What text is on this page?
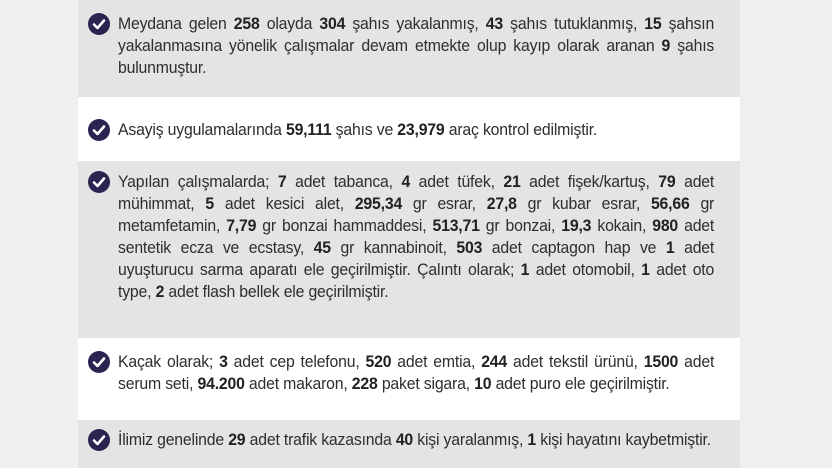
Meydana gelen 258 olayda 304 şahıs yakalanmış, 43 şahıs tutuklanmış, 15 şahsın yakalanmasına yönelik çalışmalar devam etmekte olup kayıp olarak aranan 9 şahıs bulunmuştur.
Asayiş uygulamalarında 59,111 şahıs ve 23,979 araç kontrol edilmiştir.
Yapılan çalışmalarda; 7 adet tabanca, 4 adet tüfek, 21 adet fişek/kartuş, 79 adet mühimmat, 5 adet kesici alet, 295,34 gr esrar, 27,8 gr kubar esrar, 56,66 gr metamfetamin, 7,79 gr bonzai hammaddesi, 513,71 gr bonzai, 19,3 kokain, 980 adet sentetik ecza ve ecstasy, 45 gr kannabinoit, 503 adet captagon hap ve 1 adet uyuşturucu sarma aparatı ele geçirilmiştir. Çalıntı olarak; 1 adet otomobil, 1 adet oto type, 2 adet flash bellek ele geçirilmiştir.
Kaçak olarak; 3 adet cep telefonu, 520 adet emtia, 244 adet tekstil ürünü, 1500 adet serum seti, 94.200 adet makaron, 228 paket sigara, 10 adet puro ele geçirilmiştir.
İlimiz genelinde 29 adet trafik kazasında 40 kişi yaralanmış, 1 kişi hayatını kaybetmiştir.
